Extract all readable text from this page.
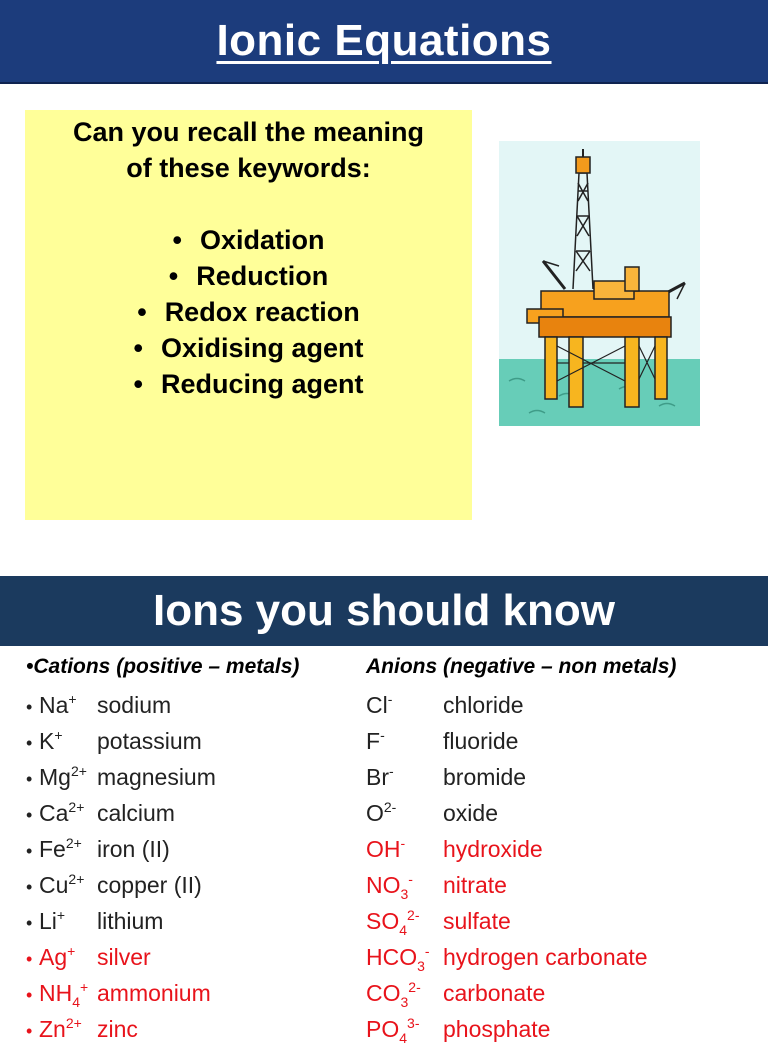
Ionic Equations
Can you recall the meaning
of these keywords:
• Oxidation
• Reduction
• Redox reaction
• Oxidising agent
• Reducing agent
Ions you should know
•Cations (positive – metals)
• Na+ sodium
• K+ potassium
• $Mg^{2+}$ magnesium
• $Ca^{2+}$ calcium
• $Fe^{2+}$ iron (II)
• $Cu^{2+}$ copper (II)
• Li+ lithium
• Ag+ silver
• $NH_4^+$ ammonium
• $Zn^{2+}$ zinc
Anions (negative – non metals)
Cl- chloride
F-	fluoride
Br- bromide
$O^{2-}$ oxide
OH- hydroxide
$NO_3^-$ nitrate
$SO_4^{2-}$ sulfate
$HCO_3^-$ hydrogen carbonate
$CO_3^{2-}$ carbonate
$PO_4^{3-}$ phosphate
